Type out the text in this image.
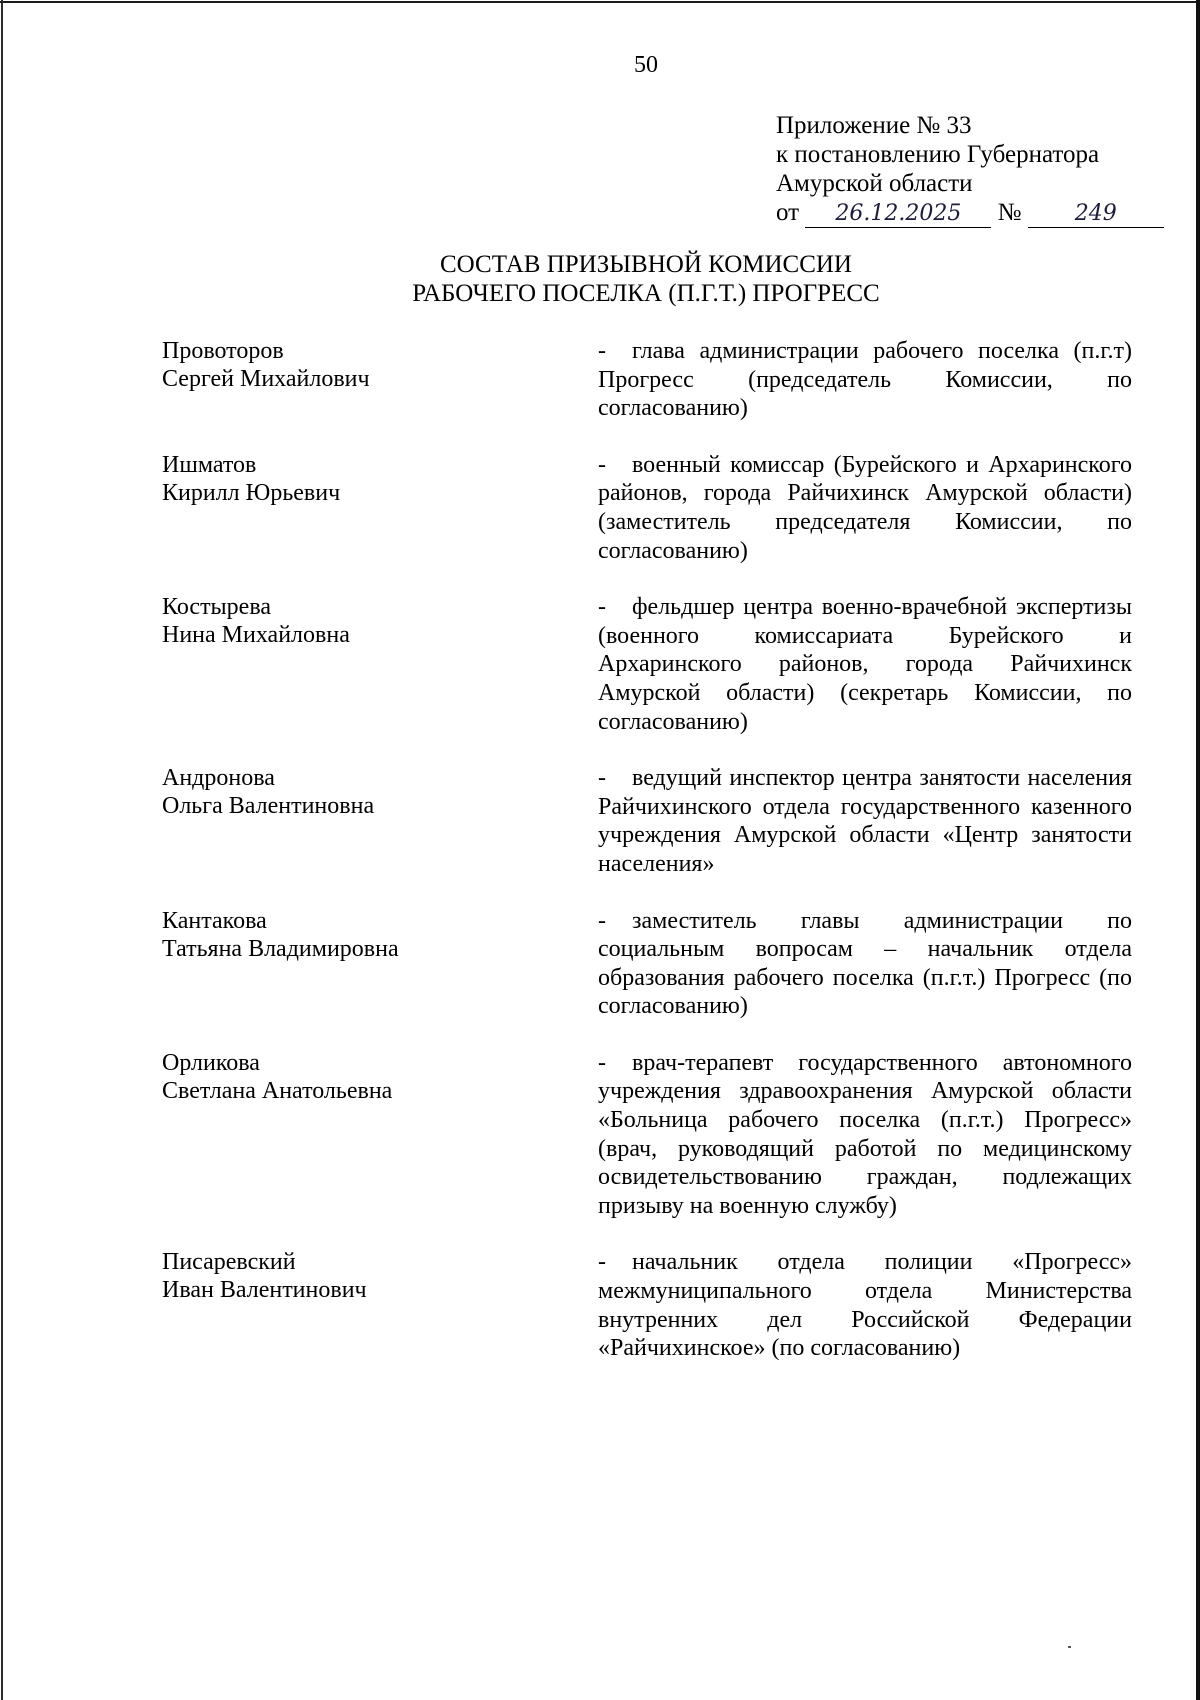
50
Приложение № 33
к постановлению Губернатора
Амурской области
от 26.12.2025 № 249
СОСТАВ ПРИЗЫВНОЙ КОМИССИИ
РАБОЧЕГО ПОСЕЛКА (П.Г.Т.) ПРОГРЕСС
Провоторов
Сергей Михайлович
- глава администрации рабочего поселка (п.г.т) Прогресс (председатель Комиссии, по согласованию)
Ишматов
Кирилл Юрьевич
- военный комиссар (Бурейского и Архаринского районов, города Райчихинск Амурской области) (заместитель председателя Комиссии, по согласованию)
Костырева
Нина Михайловна
- фельдшер центра военно-врачебной экспертизы (военного комиссариата Бурейского и Архаринского районов, города Райчихинск Амурской области) (секретарь Комиссии, по согласованию)
Андронова
Ольга Валентиновна
- ведущий инспектор центра занятости населения Райчихинского отдела государственного казенного учреждения Амурской области «Центр занятости населения»
Кантакова
Татьяна Владимировна
- заместитель главы администрации по социальным вопросам – начальник отдела образования рабочего поселка (п.г.т.) Прогресс (по согласованию)
Орликова
Светлана Анатольевна
- врач-терапевт государственного автономного учреждения здравоохранения Амурской области «Больница рабочего поселка (п.г.т.) Прогресс» (врач, руководящий работой по медицинскому освидетельствованию граждан, подлежащих призыву на военную службу)
Писаревский
Иван Валентинович
- начальник отдела полиции «Прогресс» межмуниципального отдела Министерства внутренних дел Российской Федерации «Райчихинское» (по согласованию)
